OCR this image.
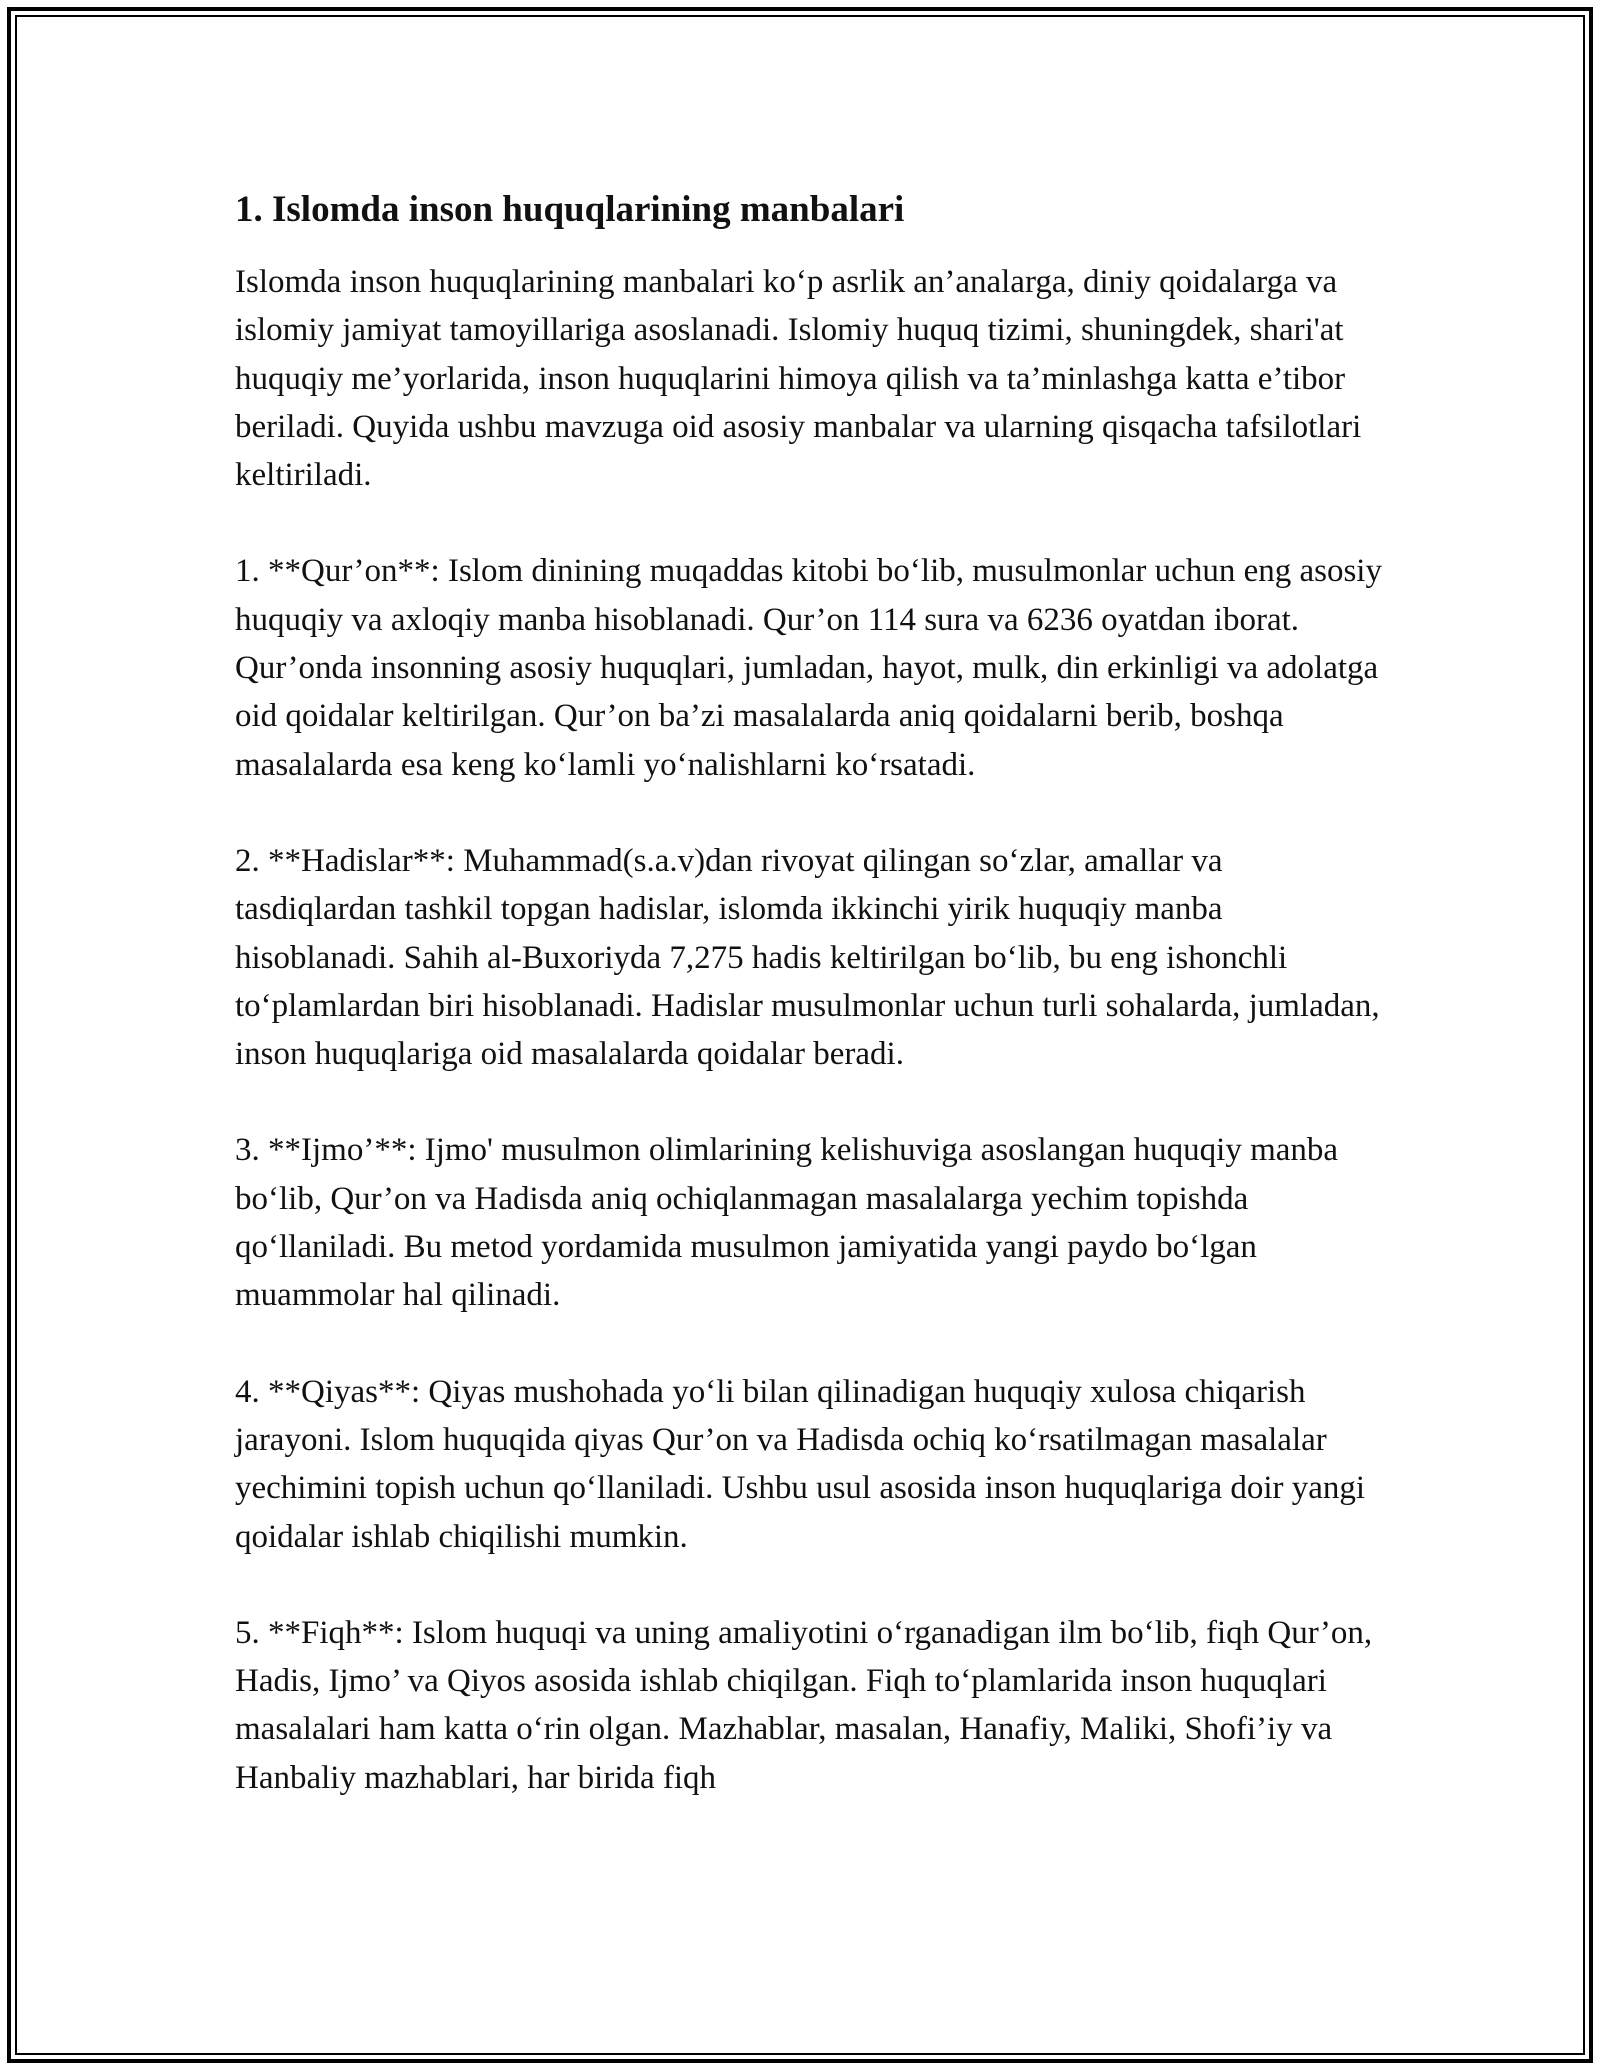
1. Islomda inson huquqlarining manbalari

Islomda inson huquqlarining manbalari koʻp asrlik an’analarga, diniy qoidalarga va islomiy jamiyat tamoyillariga asoslanadi. Islomiy huquq tizimi, shuningdek, shari'at huquqiy me’yorlarida, inson huquqlarini himoya qilish va ta’minlashga katta e’tibor beriladi. Quyida ushbu mavzuga oid asosiy manbalar va ularning qisqacha tafsilotlari keltiriladi.

1. **Qur’on**: Islom dinining muqaddas kitobi boʻlib, musulmonlar uchun eng asosiy huquqiy va axloqiy manba hisoblanadi. Qur’on 114 sura va 6236 oyatdan iborat. Qur’onda insonning asosiy huquqlari, jumladan, hayot, mulk, din erkinligi va adolatga oid qoidalar keltirilgan. Qur’on ba’zi masalalarda aniq qoidalarni berib, boshqa masalalarda esa keng koʻlamli yoʻnalishlarni koʻrsatadi.

2. **Hadislar**: Muhammad(s.a.v)dan rivoyat qilingan soʻzlar, amallar va tasdiqlardan tashkil topgan hadislar, islomda ikkinchi yirik huquqiy manba hisoblanadi. Sahih al-Buxoriyda 7,275 hadis keltirilgan boʻlib, bu eng ishonchli toʻplamlardan biri hisoblanadi. Hadislar musulmonlar uchun turli sohalarda, jumladan, inson huquqlariga oid masalalarda qoidalar beradi.

3. **Ijmo’**: Ijmo' musulmon olimlarining kelishuviga asoslangan huquqiy manba boʻlib, Qur’on va Hadisda aniq ochiqlanmagan masalalarga yechim topishda qoʻllaniladi. Bu metod yordamida musulmon jamiyatida yangi paydo boʻlgan muammolar hal qilinadi.

4. **Qiyas**: Qiyas mushohada yoʻli bilan qilinadigan huquqiy xulosa chiqarish jarayoni. Islom huquqida qiyas Qur’on va Hadisda ochiq koʻrsatilmagan masalalar yechimini topish uchun qoʻllaniladi. Ushbu usul asosida inson huquqlariga doir yangi qoidalar ishlab chiqilishi mumkin.

5. **Fiqh**: Islom huquqi va uning amaliyotini oʻrganadigan ilm boʻlib, fiqh Qur’on, Hadis, Ijmo’ va Qiyos asosida ishlab chiqilgan. Fiqh toʻplamlarida inson huquqlari masalalari ham katta oʻrin olgan. Mazhablar, masalan, Hanafiy, Maliki, Shofi’iy va Hanbaliy mazhablari, har birida fiqh
